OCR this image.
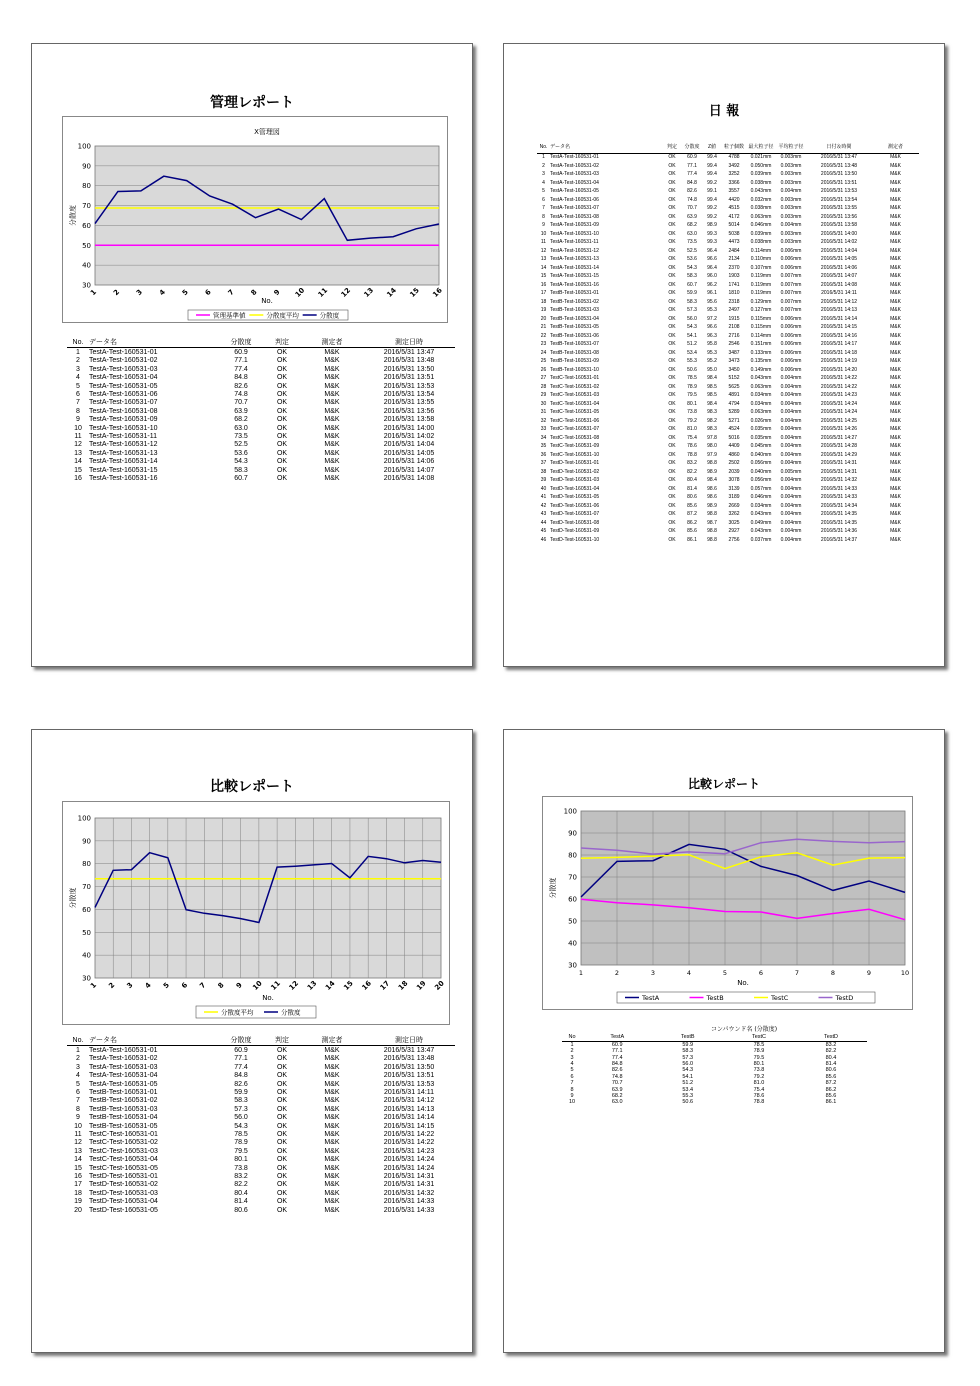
管理レポート
X管理図
30
40
50
60
70
80
90
100
1 2 3 4 5 6 7 8 9 10 11 12 13 14 15 16
No.
分散度
管理基準値	分散度平均	分散度
No.	データ名	分散度	判定	測定者	測定日時
1	TestA-Test-160531-01	60.9	OK	M&K	2016/5/31 13:47
2	TestA-Test-160531-02	77.1	OK	M&K	2016/5/31 13:48
3	TestA-Test-160531-03	77.4	OK	M&K	2016/5/31 13:50
4	TestA-Test-160531-04	84.8	OK	M&K	2016/5/31 13:51
5	TestA-Test-160531-05	82.6	OK	M&K	2016/5/31 13:53
6	TestA-Test-160531-06	74.8	OK	M&K	2016/5/31 13:54
7	TestA-Test-160531-07	70.7	OK	M&K	2016/5/31 13:55
8	TestA-Test-160531-08	63.9	OK	M&K	2016/5/31 13:56
9	TestA-Test-160531-09	68.2	OK	M&K	2016/5/31 13:58
10	TestA-Test-160531-10	63.0	OK	M&K	2016/5/31 14:00
11	TestA-Test-160531-11	73.5	OK	M&K	2016/5/31 14:02
12	TestA-Test-160531-12	52.5	OK	M&K	2016/5/31 14:04
13	TestA-Test-160531-13	53.6	OK	M&K	2016/5/31 14:05
14	TestA-Test-160531-14	54.3	OK	M&K	2016/5/31 14:06
15	TestA-Test-160531-15	58.3	OK	M&K	2016/5/31 14:07
16	TestA-Test-160531-16	60.7	OK	M&K	2016/5/31 14:08
日 報
No.	データ名	判定	分散度	Z値	粒子個数	最大粒子径	平均粒子径	日付＆時間	測定者
1	TestA-Test-160531-01	OK	60.9	99.4	4788	0.021mm	0.003mm	2016/5/31 13:47	M&K
2	TestA-Test-160531-02	OK	77.1	99.4	3492	0.050mm	0.003mm	2016/5/31 13:48	M&K
3	TestA-Test-160531-03	OK	77.4	99.4	3252	0.039mm	0.003mm	2016/5/31 13:50	M&K
4	TestA-Test-160531-04	OK	84.8	99.2	3366	0.038mm	0.003mm	2016/5/31 13:51	M&K
5	TestA-Test-160531-05	OK	82.6	99.1	3557	0.043mm	0.004mm	2016/5/31 13:53	M&K
6	TestA-Test-160531-06	OK	74.8	99.4	4420	0.032mm	0.003mm	2016/5/31 13:54	M&K
7	TestA-Test-160531-07	OK	70.7	99.2	4515	0.038mm	0.003mm	2016/5/31 13:55	M&K
8	TestA-Test-160531-08	OK	63.9	99.2	4172	0.063mm	0.003mm	2016/5/31 13:56	M&K
9	TestA-Test-160531-09	OK	68.2	98.9	5014	0.046mm	0.004mm	2016/5/31 13:58	M&K
10	TestA-Test-160531-10	OK	63.0	99.3	5038	0.039mm	0.003mm	2016/5/31 14:00	M&K
11	TestA-Test-160531-11	OK	73.5	99.3	4473	0.038mm	0.003mm	2016/5/31 14:02	M&K
12	TestA-Test-160531-12	OK	52.5	96.4	2484	0.114mm	0.006mm	2016/5/31 14:04	M&K
13	TestA-Test-160531-13	OK	53.6	96.6	2134	0.110mm	0.006mm	2016/5/31 14:05	M&K
14	TestA-Test-160531-14	OK	54.3	96.4	2370	0.107mm	0.006mm	2016/5/31 14:06	M&K
15	TestA-Test-160531-15	OK	58.3	96.0	1903	0.119mm	0.007mm	2016/5/31 14:07	M&K
16	TestA-Test-160531-16	OK	60.7	96.2	1741	0.119mm	0.007mm	2016/5/31 14:08	M&K
17	TestB-Test-160531-01	OK	59.9	96.1	1810	0.119mm	0.007mm	2016/5/31 14:11	M&K
18	TestB-Test-160531-02	OK	58.3	95.6	2318	0.129mm	0.007mm	2016/5/31 14:12	M&K
19	TestB-Test-160531-03	OK	57.3	95.3	2497	0.127mm	0.007mm	2016/5/31 14:13	M&K
20	TestB-Test-160531-04	OK	56.0	97.2	1915	0.115mm	0.006mm	2016/5/31 14:14	M&K
21	TestB-Test-160531-05	OK	54.3	96.6	2108	0.115mm	0.006mm	2016/5/31 14:15	M&K
22	TestB-Test-160531-06	OK	54.1	96.3	2716	0.114mm	0.006mm	2016/5/31 14:16	M&K
23	TestB-Test-160531-07	OK	51.2	95.8	2546	0.151mm	0.006mm	2016/5/31 14:17	M&K
24	TestB-Test-160531-08	OK	53.4	95.3	3487	0.133mm	0.006mm	2016/5/31 14:18	M&K
25	TestB-Test-160531-09	OK	55.3	95.2	3473	0.135mm	0.006mm	2016/5/31 14:19	M&K
26	TestB-Test-160531-10	OK	50.6	95.0	3450	0.149mm	0.006mm	2016/5/31 14:20	M&K
27	TestC-Test-160531-01	OK	78.5	98.4	5152	0.043mm	0.004mm	2016/5/31 14:22	M&K
28	TestC-Test-160531-02	OK	78.9	98.5	5625	0.063mm	0.004mm	2016/5/31 14:22	M&K
29	TestC-Test-160531-03	OK	79.5	98.5	4891	0.034mm	0.004mm	2016/5/31 14:23	M&K
30	TestC-Test-160531-04	OK	80.1	98.4	4794	0.034mm	0.004mm	2016/5/31 14:24	M&K
31	TestC-Test-160531-05	OK	73.8	98.3	5289	0.063mm	0.004mm	2016/5/31 14:24	M&K
32	TestC-Test-160531-06	OK	79.2	98.2	5271	0.026mm	0.004mm	2016/5/31 14:25	M&K
33	TestC-Test-160531-07	OK	81.0	98.3	4524	0.035mm	0.004mm	2016/5/31 14:26	M&K
34	TestC-Test-160531-08	OK	75.4	97.8	5016	0.035mm	0.004mm	2016/5/31 14:27	M&K
35	TestC-Test-160531-09	OK	78.6	98.0	4409	0.045mm	0.004mm	2016/5/31 14:28	M&K
36	TestC-Test-160531-10	OK	78.8	97.9	4860	0.040mm	0.004mm	2016/5/31 14:29	M&K
37	TestD-Test-160531-01	OK	83.2	98.8	2502	0.056mm	0.004mm	2016/5/31 14:31	M&K
38	TestD-Test-160531-02	OK	82.2	98.9	2039	0.040mm	0.005mm	2016/5/31 14:31	M&K
39	TestD-Test-160531-03	OK	80.4	98.4	3078	0.056mm	0.004mm	2016/5/31 14:32	M&K
40	TestD-Test-160531-04	OK	81.4	98.6	3139	0.057mm	0.004mm	2016/5/31 14:33	M&K
41	TestD-Test-160531-05	OK	80.6	98.6	3189	0.046mm	0.004mm	2016/5/31 14:33	M&K
42	TestD-Test-160531-06	OK	85.6	98.9	2669	0.034mm	0.004mm	2016/5/31 14:34	M&K
43	TestD-Test-160531-07	OK	87.2	98.8	3262	0.043mm	0.004mm	2016/5/31 14:35	M&K
44	TestD-Test-160531-08	OK	86.2	98.7	3025	0.049mm	0.004mm	2016/5/31 14:35	M&K
45	TestD-Test-160531-09	OK	85.6	98.8	2927	0.043mm	0.004mm	2016/5/31 14:36	M&K
46	TestD-Test-160531-10	OK	86.1	98.8	2756	0.037mm	0.004mm	2016/5/31 14:37	M&K
比較レポート
30
40
50
60
70
80
90
100
1 2 3 4 5 6 7 8 9 10 11 12 13 14 15 16 17 18 19 20
No.
分散度
分散度平均	分散度
No.	データ名	分散度	判定	測定者	測定日時
1	TestA-Test-160531-01	60.9	OK	M&K	2016/5/31 13:47
2	TestA-Test-160531-02	77.1	OK	M&K	2016/5/31 13:48
3	TestA-Test-160531-03	77.4	OK	M&K	2016/5/31 13:50
4	TestA-Test-160531-04	84.8	OK	M&K	2016/5/31 13:51
5	TestA-Test-160531-05	82.6	OK	M&K	2016/5/31 13:53
6	TestB-Test-160531-01	59.9	OK	M&K	2016/5/31 14:11
7	TestB-Test-160531-02	58.3	OK	M&K	2016/5/31 14:12
8	TestB-Test-160531-03	57.3	OK	M&K	2016/5/31 14:13
9	TestB-Test-160531-04	56.0	OK	M&K	2016/5/31 14:14
10	TestB-Test-160531-05	54.3	OK	M&K	2016/5/31 14:15
11	TestC-Test-160531-01	78.5	OK	M&K	2016/5/31 14:22
12	TestC-Test-160531-02	78.9	OK	M&K	2016/5/31 14:22
13	TestC-Test-160531-03	79.5	OK	M&K	2016/5/31 14:23
14	TestC-Test-160531-04	80.1	OK	M&K	2016/5/31 14:24
15	TestC-Test-160531-05	73.8	OK	M&K	2016/5/31 14:24
16	TestD-Test-160531-01	83.2	OK	M&K	2016/5/31 14:31
17	TestD-Test-160531-02	82.2	OK	M&K	2016/5/31 14:31
18	TestD-Test-160531-03	80.4	OK	M&K	2016/5/31 14:32
19	TestD-Test-160531-04	81.4	OK	M&K	2016/5/31 14:33
20	TestD-Test-160531-05	80.6	OK	M&K	2016/5/31 14:33
比較レポート
30
40
50
60
70
80
90
100
1	2	3	4	5	6	7	8	9	10
No.
分散度
TestA	TestB	TestC	TestD
コンパウンド名 (分散度)
No	TestA	TestB	TestC	TestD
1	60.9	59.9	78.5	83.2
2	77.1	58.3	78.9	82.2
3	77.4	57.3	79.5	80.4
4	84.8	56.0	80.1	81.4
5	82.6	54.3	73.8	80.6
6	74.8	54.1	79.2	85.6
7	70.7	51.2	81.0	87.2
8	63.9	53.4	75.4	86.2
9	68.2	55.3	78.6	85.6
10	63.0	50.6	78.8	86.1
